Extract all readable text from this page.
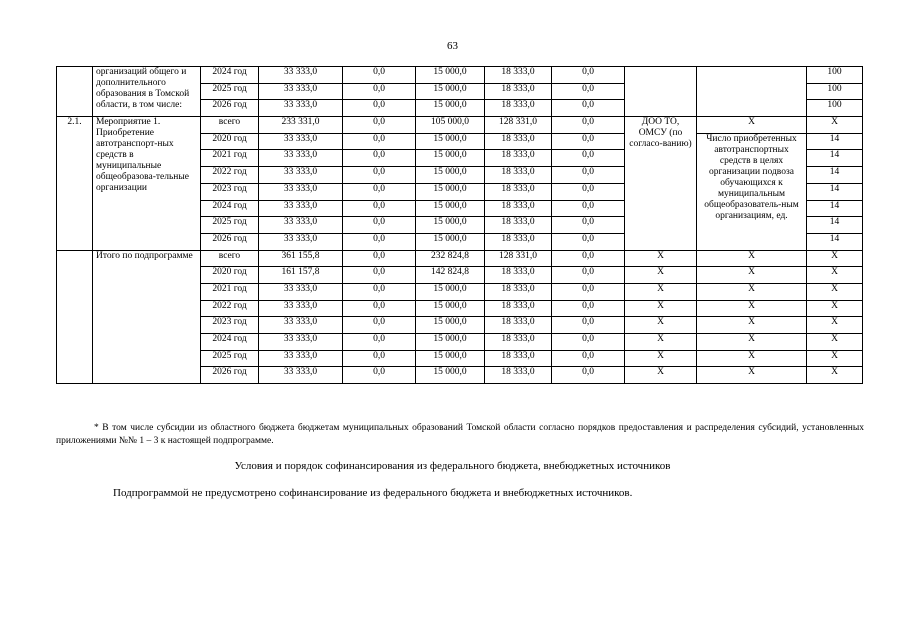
63
	организаций общего и дополнительного образования в Томской области, в том числе:	2024 год	33 333,0	0,0	15 000,0	18 333,0	0,0			100
		2025 год	33 333,0	0,0	15 000,0	18 333,0	0,0			100
		2026 год	33 333,0	0,0	15 000,0	18 333,0	0,0			100
2.1.	Мероприятие 1. Приобретение автотранспорт-ных средств в муниципальные общеобразова-тельные организации	всего	233 331,0	0,0	105 000,0	128 331,0	0,0	ДОО ТО, ОМСУ (по согласо-ванию)	Х	Х
		2020 год	33 333,0	0,0	15 000,0	18 333,0	0,0		Число приобретенных автотранспортных средств в целях организации подвоза обучающихся к муниципальным общеобразователь-ным организациям, ед.	14
		2021 год	33 333,0	0,0	15 000,0	18 333,0	0,0			14
		2022 год	33 333,0	0,0	15 000,0	18 333,0	0,0			14
		2023 год	33 333,0	0,0	15 000,0	18 333,0	0,0			14
		2024 год	33 333,0	0,0	15 000,0	18 333,0	0,0			14
		2025 год	33 333,0	0,0	15 000,0	18 333,0	0,0			14
		2026 год	33 333,0	0,0	15 000,0	18 333,0	0,0			14
	Итого по подпрограмме	всего	361 155,8	0,0	232 824,8	128 331,0	0,0	Х	Х	Х
		2020 год	161 157,8	0,0	142 824,8	18 333,0	0,0	Х	Х	Х
		2021 год	33 333,0	0,0	15 000,0	18 333,0	0,0	Х	Х	Х
		2022 год	33 333,0	0,0	15 000,0	18 333,0	0,0	Х	Х	Х
		2023 год	33 333,0	0,0	15 000,0	18 333,0	0,0	Х	Х	Х
		2024 год	33 333,0	0,0	15 000,0	18 333,0	0,0	Х	Х	Х
		2025 год	33 333,0	0,0	15 000,0	18 333,0	0,0	Х	Х	Х
		2026 год	33 333,0	0,0	15 000,0	18 333,0	0,0	Х	Х	Х
* В том числе субсидии из областного бюджета бюджетам муниципальных образований Томской области согласно порядков предоставления и распределения субсидий, установленных приложениями №№ 1 – 3 к настоящей подпрограмме.
Условия и порядок софинансирования из федерального бюджета, внебюджетных источников
Подпрограммой не предусмотрено софинансирование из федерального бюджета и внебюджетных источников.
